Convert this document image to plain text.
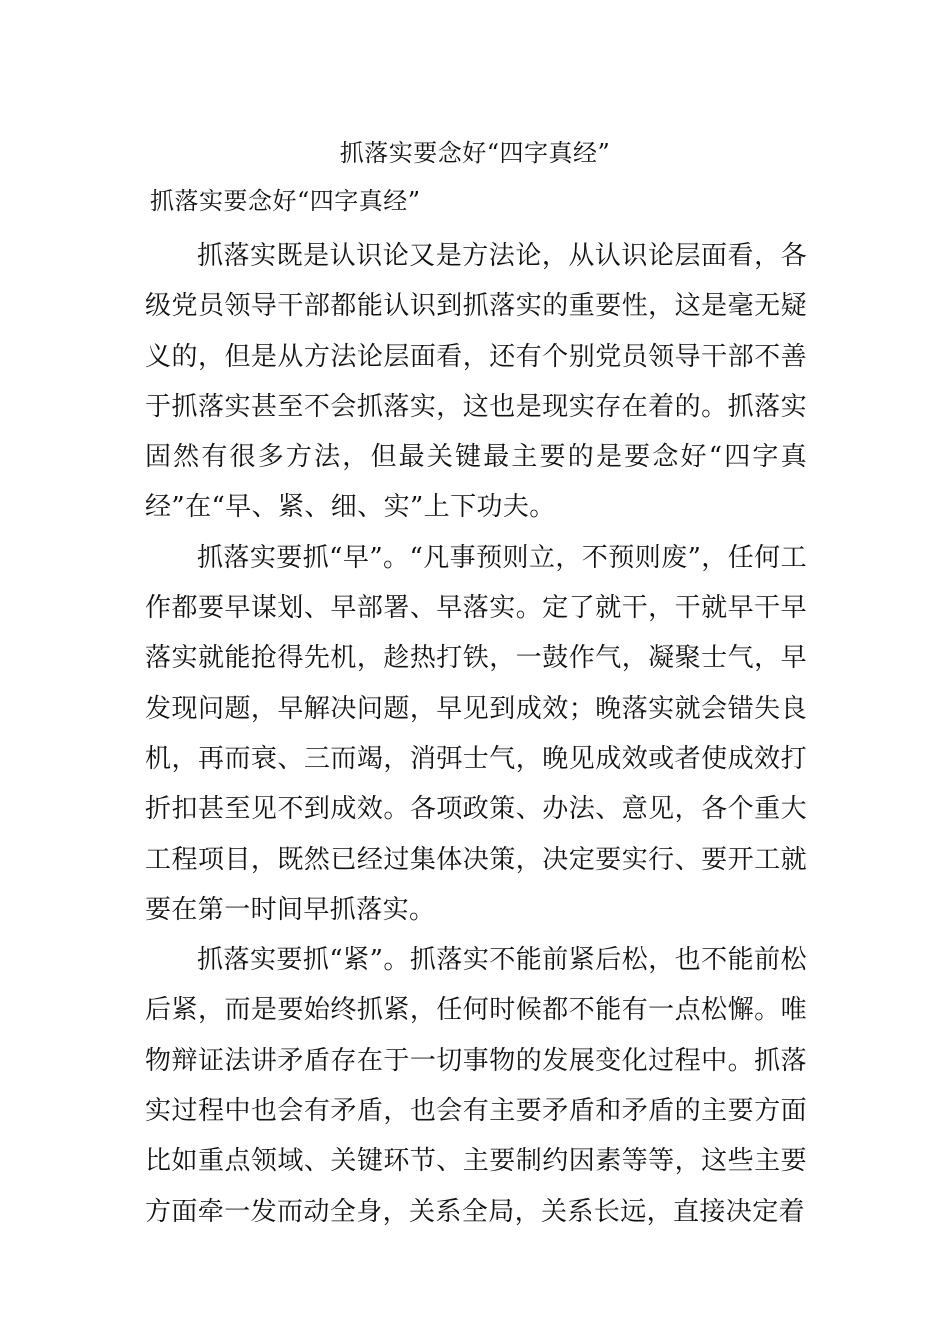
抓落实要念好“四字真经”

抓落实要念好“四字真经”

抓落实既是认识论又是方法论，从认识论层面看，各级党员领导干部都能认识到抓落实的重要性，这是毫无疑义的，但是从方法论层面看，还有个别党员领导干部不善于抓落实甚至不会抓落实，这也是现实存在着的。抓落实固然有很多方法，但最关键最主要的是要念好“四字真经”在“早、紧、细、实”上下功夫。

抓落实要抓“早”。“凡事预则立，不预则废”，任何工作都要早谋划、早部署、早落实。定了就干，干就早干早落实就能抢得先机，趁热打铁，一鼓作气，凝聚士气，早发现问题，早解决问题，早见到成效；晚落实就会错失良机，再而衰、三而竭，消弭士气，晚见成效或者使成效打折扣甚至见不到成效。各项政策、办法、意见，各个重大工程项目，既然已经过集体决策，决定要实行、要开工就要在第一时间早抓落实。

抓落实要抓“紧”。抓落实不能前紧后松，也不能前松后紧，而是要始终抓紧，任何时候都不能有一点松懈。唯物辩证法讲矛盾存在于一切事物的发展变化过程中。抓落实过程中也会有矛盾，也会有主要矛盾和矛盾的主要方面比如重点领域、关键环节、主要制约因素等等，这些主要方面牵一发而动全身，关系全局，关系长远，直接决定着
